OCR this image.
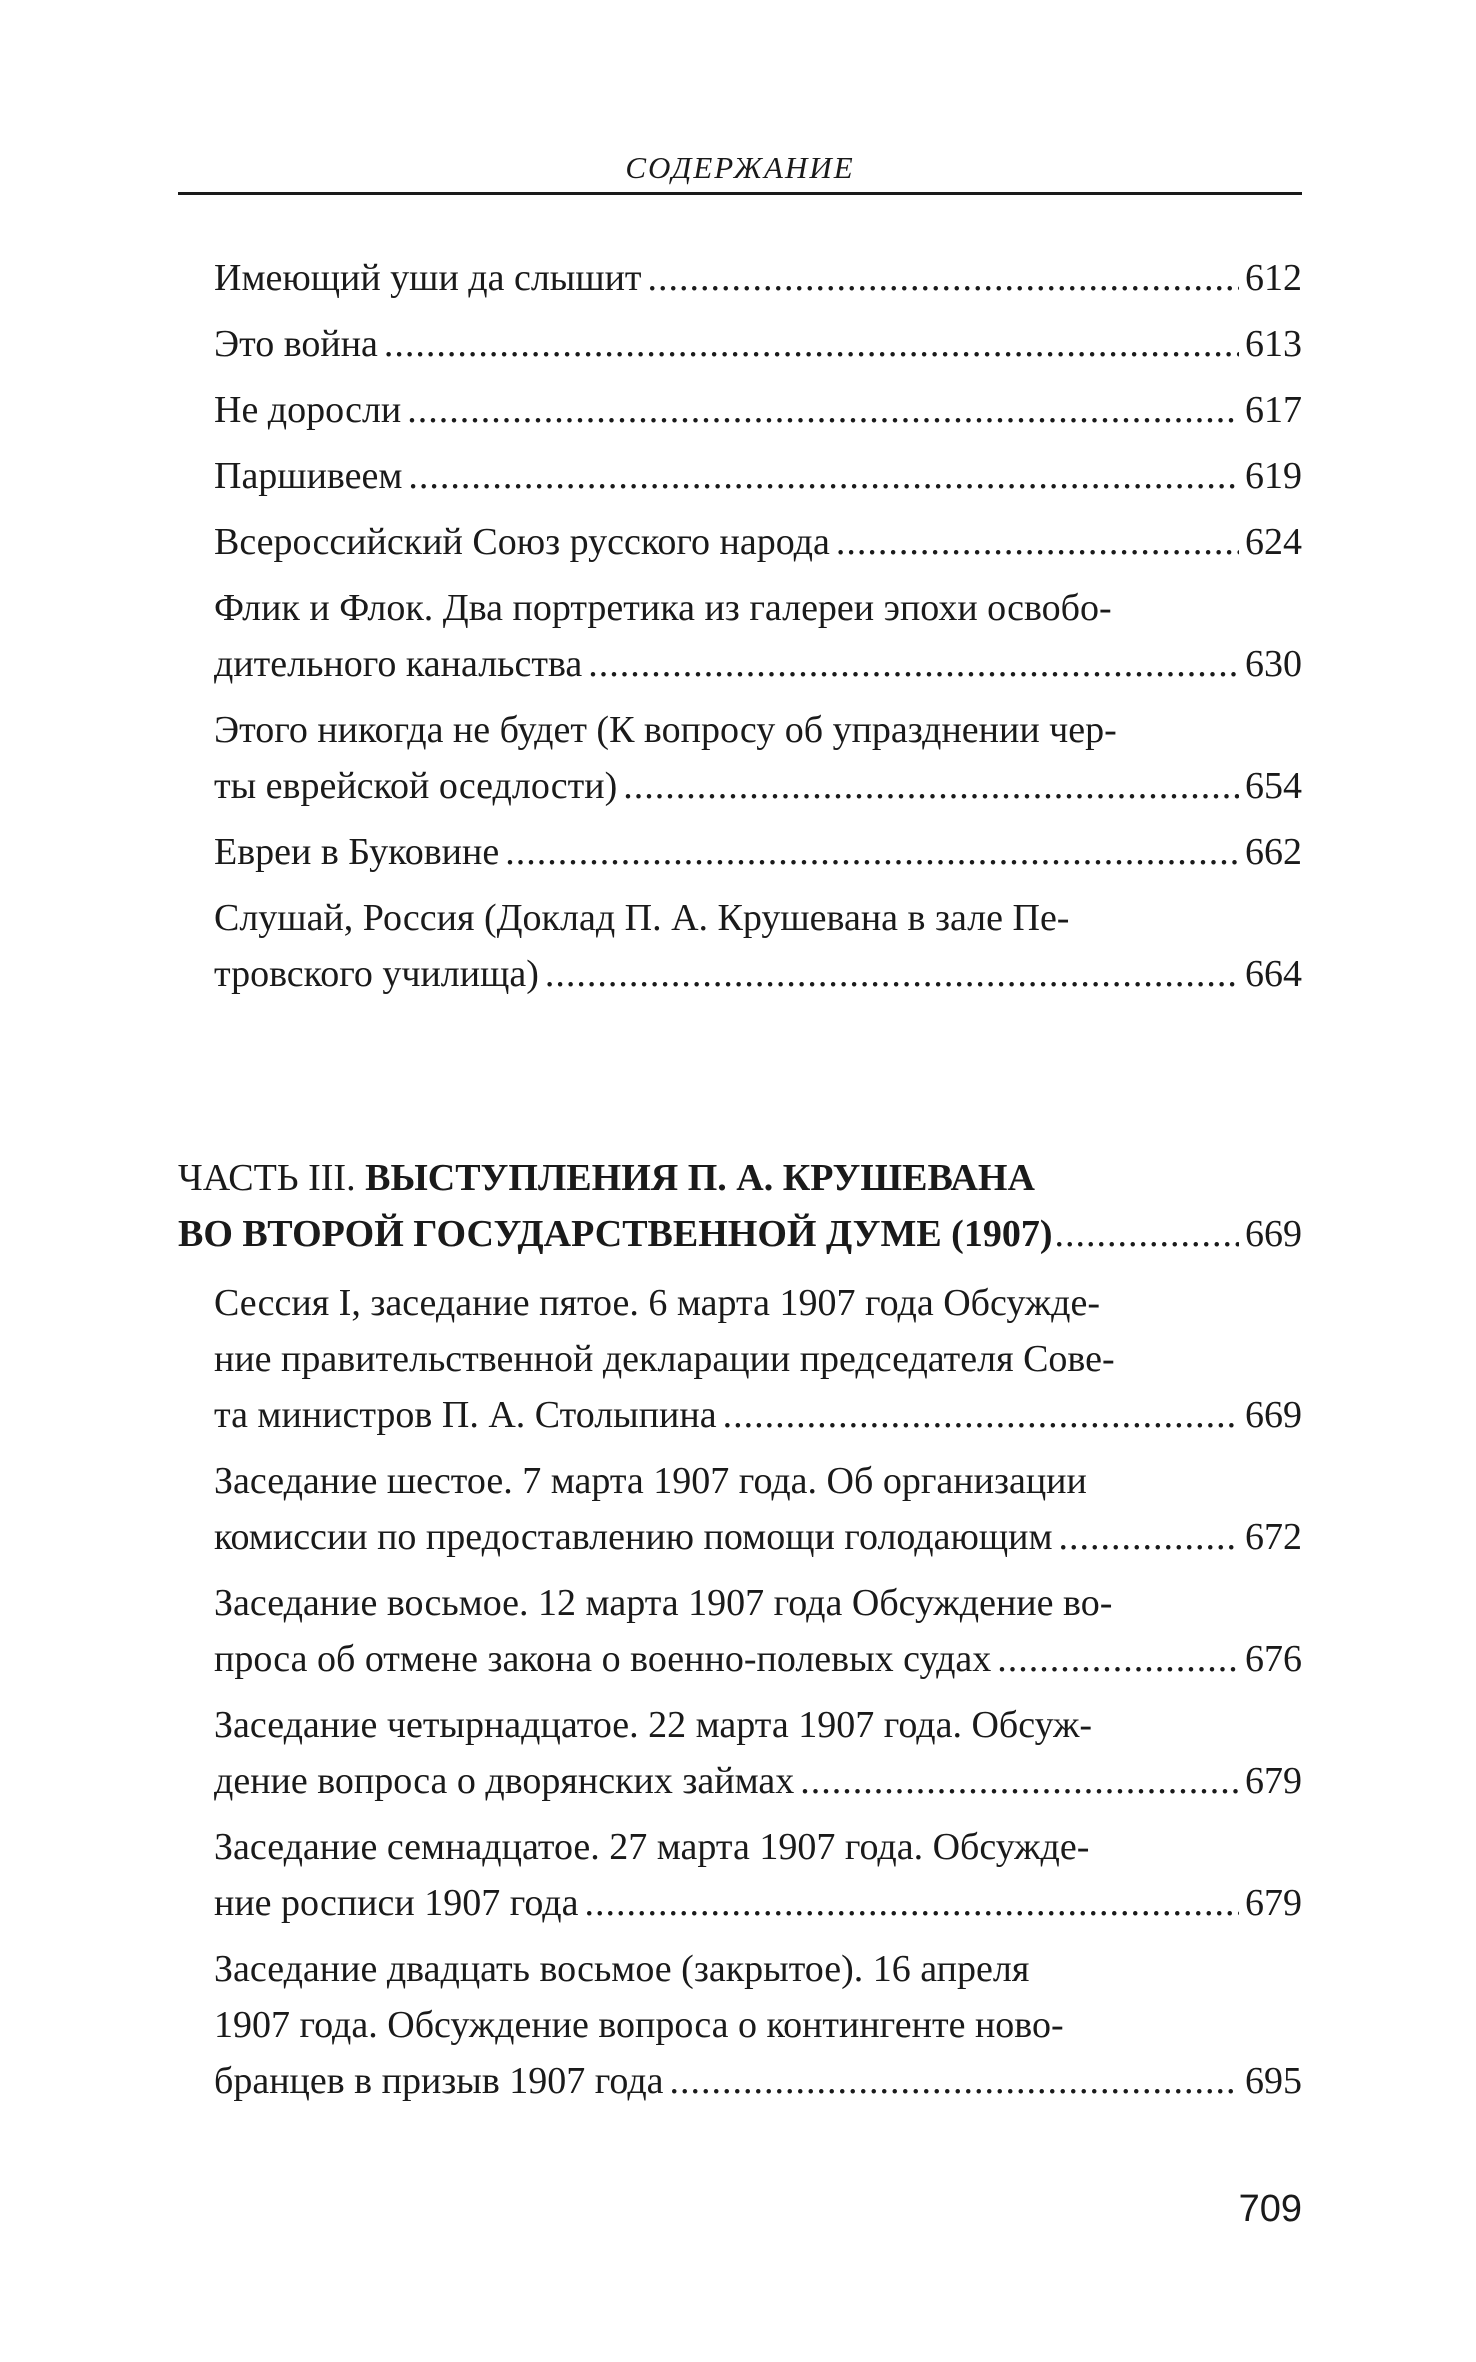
СОДЕРЖАНИЕ
Имеющий уши да слышит .....	612
Это война .....	613
Не доросли .....	617
Паршивеем .....	619
Всероссийский Союз русского народа .....	624
Флик и Флок. Два портретика из галереи эпохи освобо-
дительного канальства .....	630
Этого никогда не будет (К вопросу об упразднении чер-
ты еврейской оседлости) .....	654
Евреи в Буковине .....	662
Слушай, Россия (Доклад П. А. Крушевана в зале Пе-
тровского училища) .....	664
ЧАСТЬ III. ВЫСТУПЛЕНИЯ П. А. КРУШЕВАНА
ВО ВТОРОЙ ГОСУДАРСТВЕННОЙ ДУМЕ (1907) .....	669
Сессия I, заседание пятое. 6 марта 1907 года Обсужде-
ние правительственной декларации председателя Сове-
та министров П. А. Столыпина .....	669
Заседание шестое. 7 марта 1907 года. Об организации
комиссии по предоставлению помощи голодающим .....	672
Заседание восьмое. 12 марта 1907 года Обсуждение во-
проса об отмене закона о военно-полевых судах .....	676
Заседание четырнадцатое. 22 марта 1907 года. Обсуж-
дение вопроса о дворянских займах .....	679
Заседание семнадцатое. 27 марта 1907 года. Обсужде-
ние росписи 1907 года .....	679
Заседание двадцать восьмое (закрытое). 16 апреля
1907 года. Обсуждение вопроса о контингенте ново-
бранцев в призыв 1907 года .....	695
709
